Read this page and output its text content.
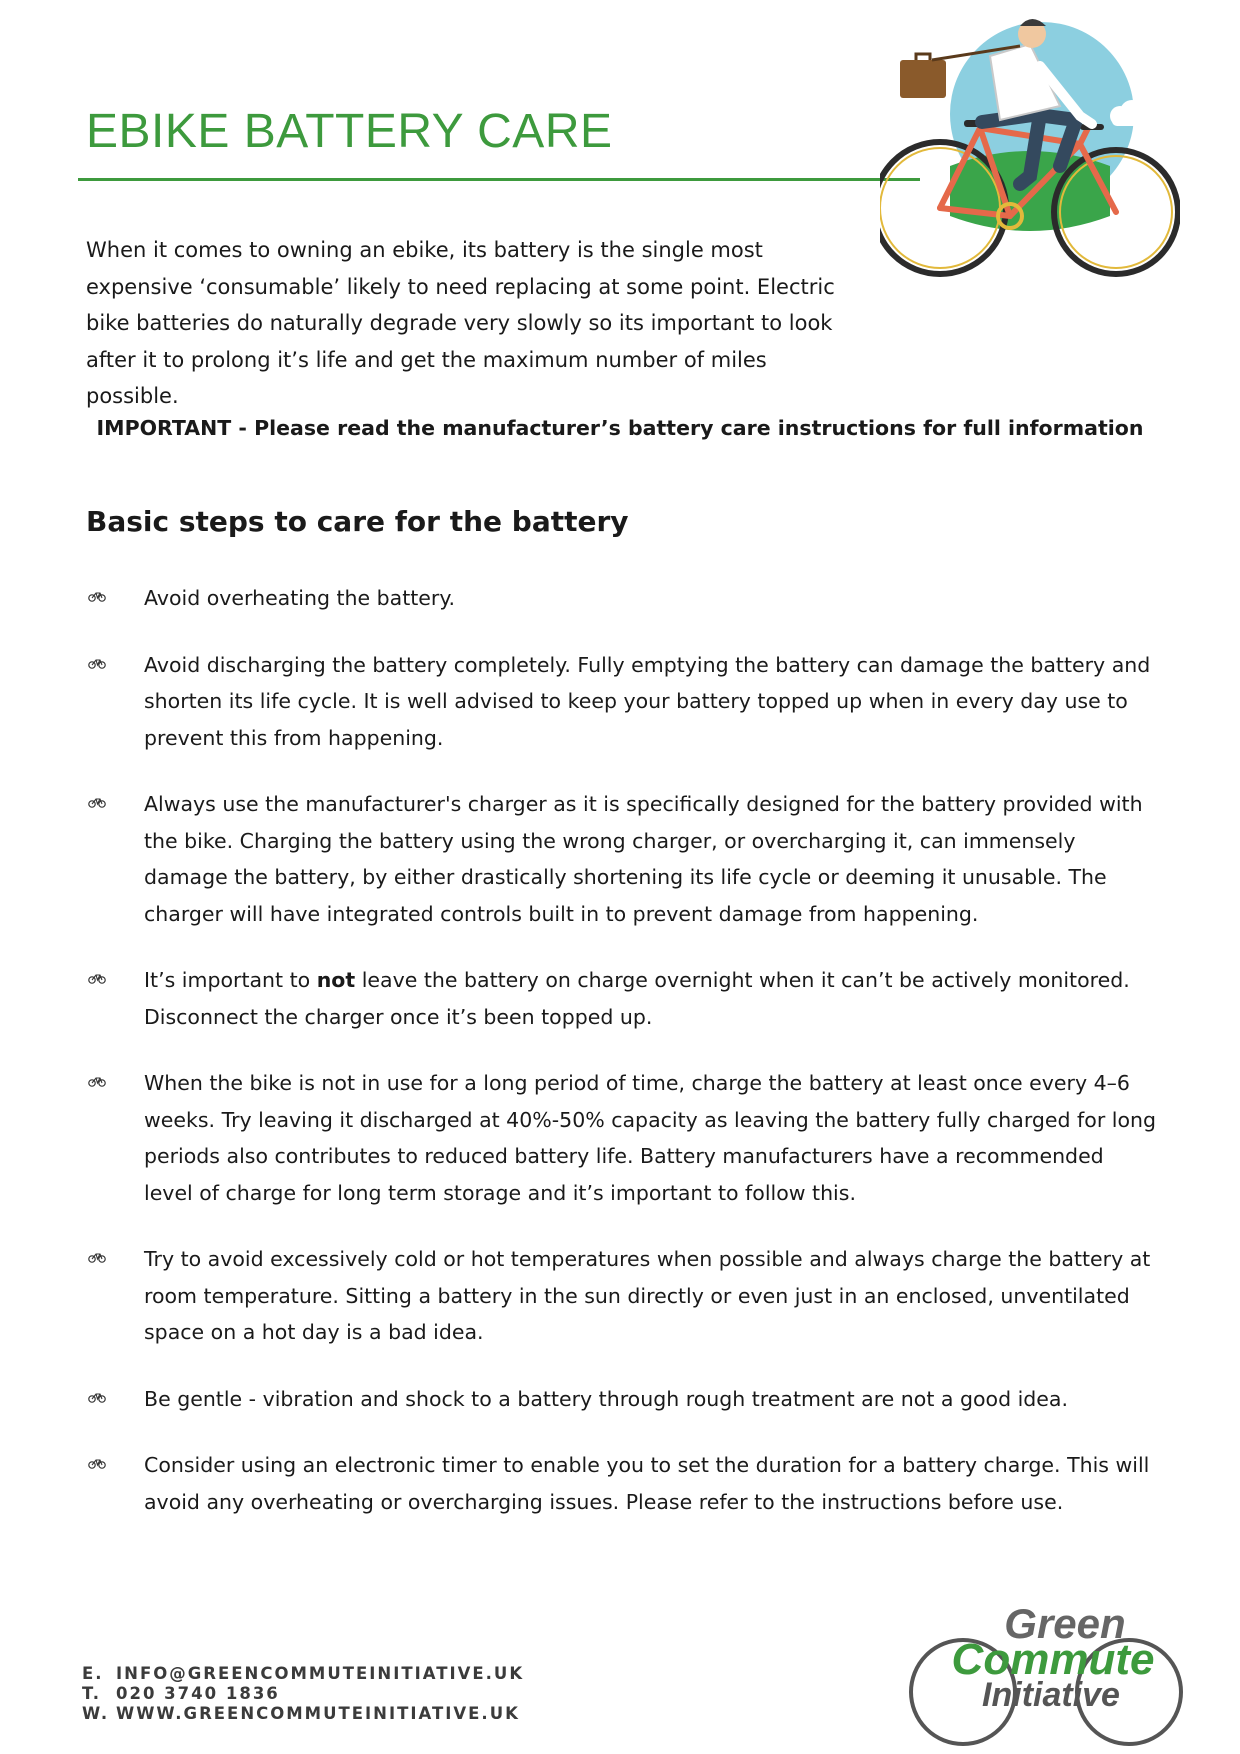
EBIKE BATTERY CARE

When it comes to owning an ebike, its battery is the single most expensive ‘consumable’ likely to need replacing at some point. Electric bike batteries do naturally degrade very slowly so its important to look after it to prolong it’s life and get the maximum number of miles possible.

IMPORTANT - Please read the manufacturer’s battery care instructions for full information

Basic steps to care for the battery
Avoid overheating the battery.
Avoid discharging the battery completely. Fully emptying the battery can damage the battery and shorten its life cycle. It is well advised to keep your battery topped up when in every day use to prevent this from happening.
Always use the manufacturer's charger as it is specifically designed for the battery provided with the bike. Charging the battery using the wrong charger, or overcharging it, can immensely damage the battery, by either drastically shortening its life cycle or deeming it unusable. The charger will have integrated controls built in to prevent damage from happening.
It’s important to not leave the battery on charge overnight when it can’t be actively monitored. Disconnect the charger once it’s been topped up.
When the bike is not in use for a long period of time, charge the battery at least once every 4–6 weeks. Try leaving it discharged at 40%-50% capacity as leaving the battery fully charged for long periods also contributes to reduced battery life. Battery manufacturers have a recommended level of charge for long term storage and it’s important to follow this.
Try to avoid excessively cold or hot temperatures when possible and always charge the battery at room temperature. Sitting a battery in the sun directly or even just in an enclosed, unventilated space on a hot day is a bad idea.
Be gentle - vibration and shock to a battery through rough treatment are not a good idea.
Consider using an electronic timer to enable you to set the duration for a battery charge. This will avoid any overheating or overcharging issues. Please refer to the instructions before use.
E. INFO@GREENCOMMUTEINITIATIVE.UK
T. 020 3740 1836
W. WWW.GREENCOMMUTEINITIATIVE.UK
Green
Commute
Initiative
